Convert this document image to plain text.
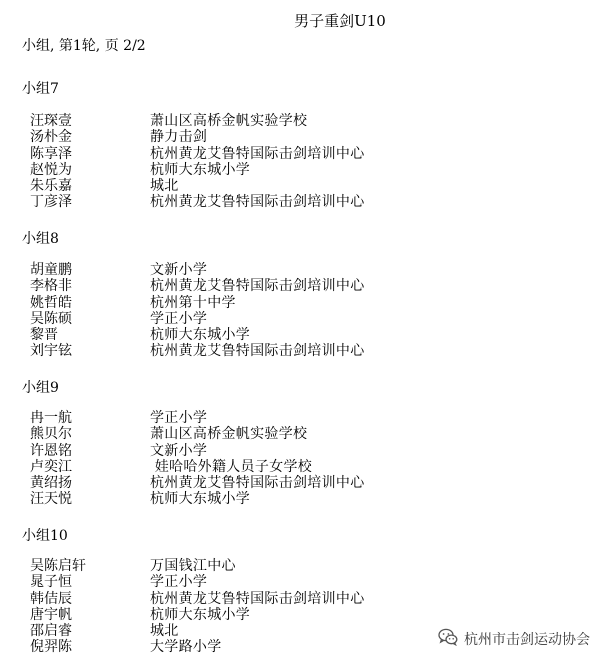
男子重剑U10
小组, 第1轮, 页 2/2
小组7
汪琛壹	萧山区高桥金帆实验学校
汤朴金	静力击剑
陈享泽	杭州黄龙艾鲁特国际击剑培训中心
赵悦为	杭师大东城小学
朱乐嘉	城北
丁彦泽	杭州黄龙艾鲁特国际击剑培训中心
小组8
胡童鹏	文新小学
李格非	杭州黄龙艾鲁特国际击剑培训中心
姚哲皓	杭州第十中学
吴陈硕	学正小学
黎晋	杭师大东城小学
刘宇铉	杭州黄龙艾鲁特国际击剑培训中心
小组9
冉一航	学正小学
熊贝尔	萧山区高桥金帆实验学校
许恩铭	文新小学
卢奕江	娃哈哈外籍人员子女学校
黄绍扬	杭州黄龙艾鲁特国际击剑培训中心
汪天悦	杭师大东城小学
小组10
吴陈启轩	万国钱江中心
晁子恒	学正小学
韩佶辰	杭州黄龙艾鲁特国际击剑培训中心
唐宇帆	杭师大东城小学
邵启睿	城北
倪羿陈	大学路小学	杭州市击剑运动协会
